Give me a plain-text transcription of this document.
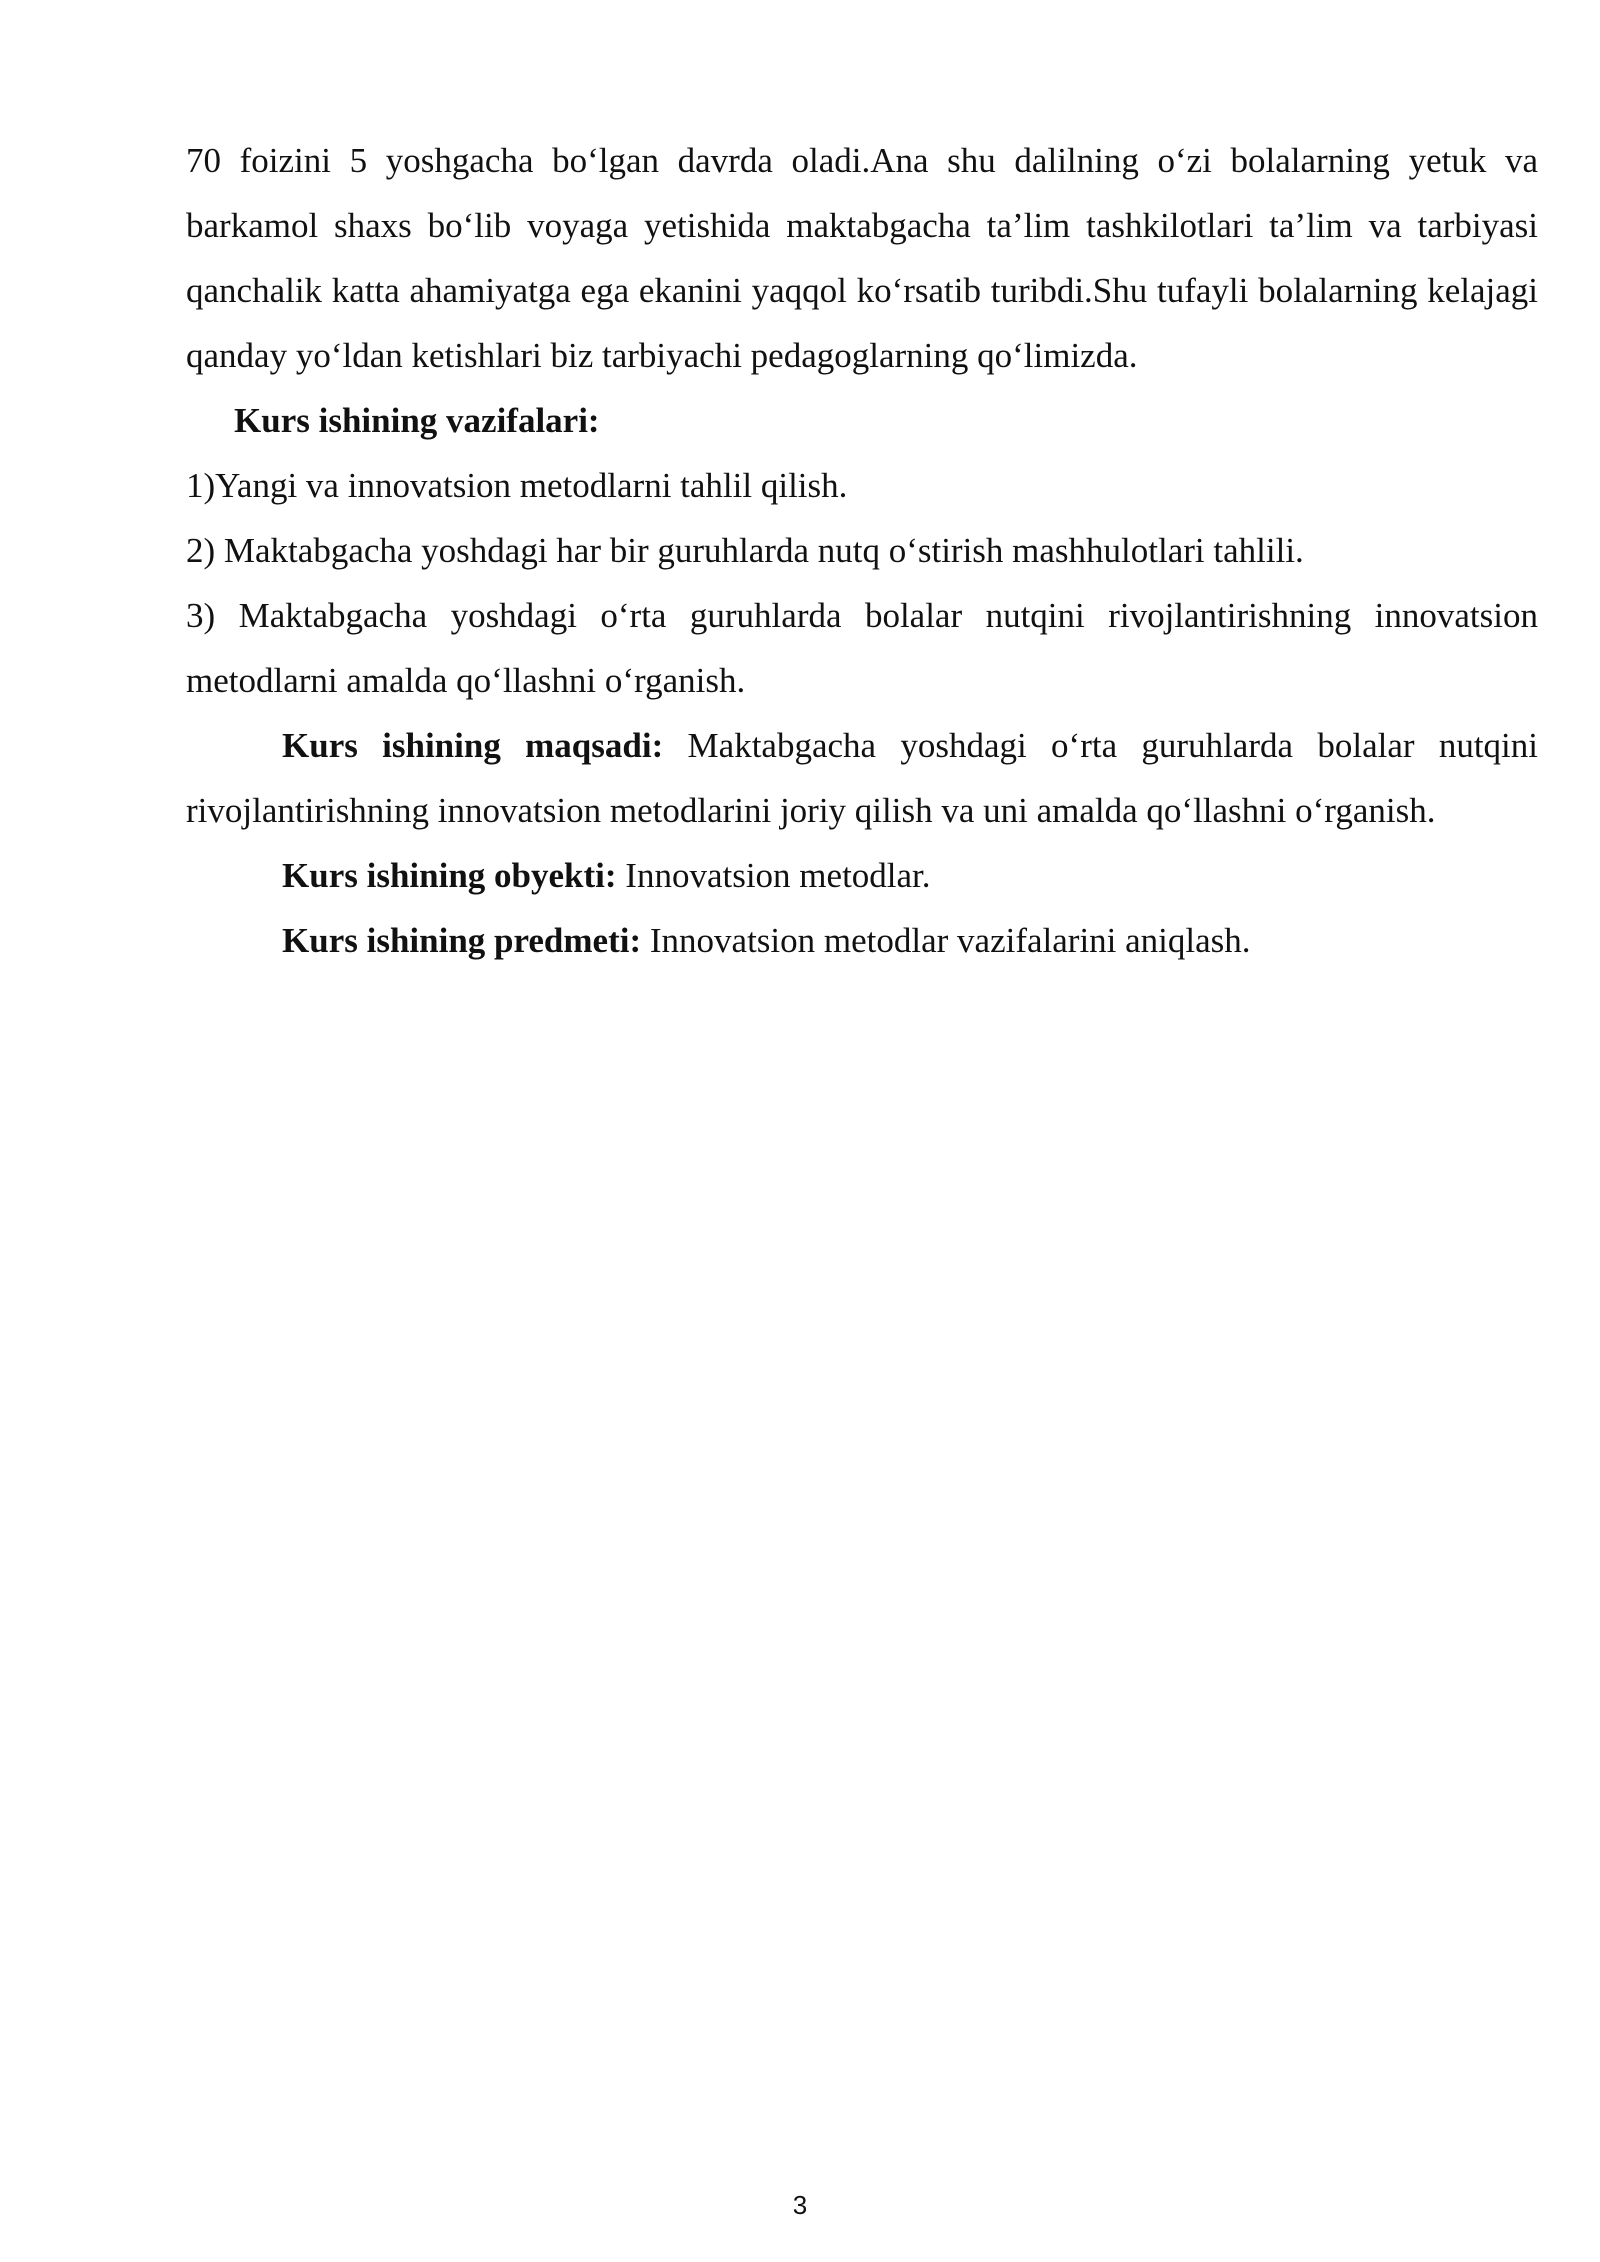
70 foizini 5 yoshgacha bo‘lgan davrda oladi.Ana shu dalilning o‘zi bolalarning yetuk va barkamol shaxs bo‘lib voyaga yetishida maktabgacha ta’lim tashkilotlari ta’lim va tarbiyasi qanchalik katta ahamiyatga ega ekanini yaqqol ko‘rsatib turibdi.Shu tufayli bolalarning kelajagi qanday yo‘ldan ketishlari biz tarbiyachi pedagoglarning qo‘limizda.

Kurs ishining vazifalari:

1)Yangi va innovatsion metodlarni tahlil qilish.

2) Maktabgacha yoshdagi har bir guruhlarda nutq o‘stirish mashhulotlari tahlili.

3) Maktabgacha yoshdagi o‘rta guruhlarda bolalar nutqini rivojlantirishning innovatsion metodlarni amalda qo‘llashni o‘rganish.

Kurs ishining maqsadi: Maktabgacha yoshdagi o‘rta guruhlarda bolalar nutqini rivojlantirishning innovatsion metodlarini joriy qilish va uni amalda qo‘llashni o‘rganish.

Kurs ishining obyekti: Innovatsion metodlar.

Kurs ishining predmeti: Innovatsion metodlar vazifalarini aniqlash.

3
